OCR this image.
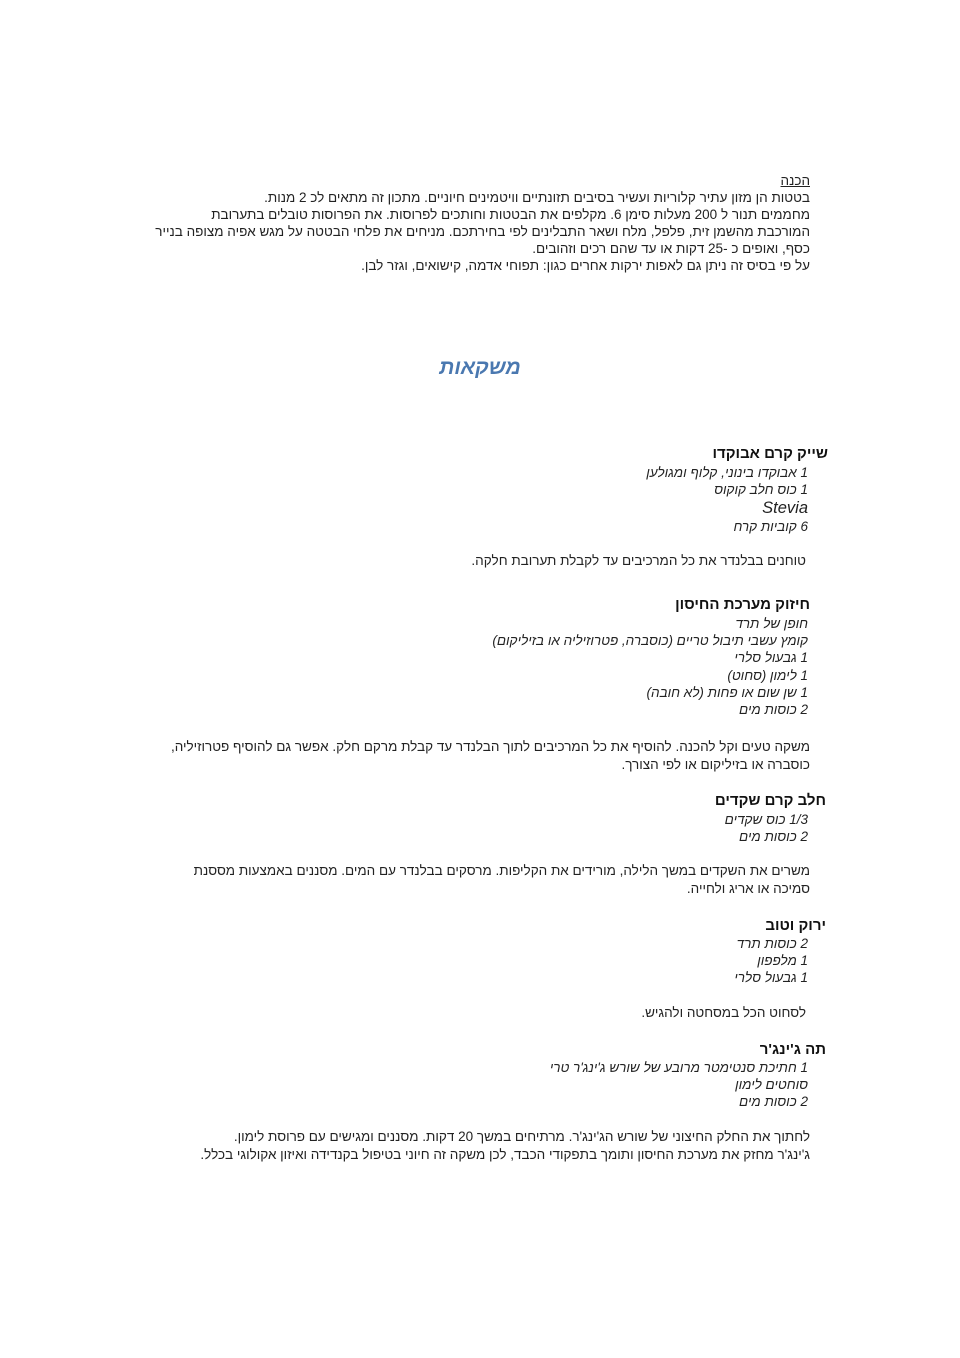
הכנה
בטטות הן מזון עתיר קלוריות ועשיר בסיבים תזונתיים וויטמינים חיוניים. מתכון זה מתאים לכ 2 מנות.
מחממים תנור ל 200 מעלות סימן 6. מקלפים את הבטטות וחותכים לפרוסות. את הפרוסות טובלים בתערובת
המורכבת מהשמן זית, פלפל, מלח ושאר התבלינים לפי בחירתכם. מניחים את פלחי הבטטה על מגש אפיה מצופה בנייר
כסף, ואופים כ -25 דקות או עד שהם רכים וזהובים.
על פי בסיס זה ניתן גם לאפות ירקות אחרים כגון: תפוחי אדמה, קישואים, וגזר לבן.
משקאות
שייק קרם אבוקדו
1 אבוקדו בינוני, קלוף ומגולען
1 כוס חלב קוקוס
Stevia
6 קוביות קרח
טוחנים בבלנדר את כל המרכיבים עד לקבלת תערובת חלקה.
חיזוק מערכת החיסון
חופן של תרד
קומץ עשבי תיבול טריים (כוסברה, פטרוזיליה או בזיליקום)
1 גבעול סלרי
1 לימון (סחוט)
1 שן שום או פחות (לא חובה)
2 כוסות מים
משקה טעים וקל להכנה. להוסיף את כל המרכיבים לתוך הבלנדר עד קבלת מרקם חלק. אפשר גם להוסיף פטרוזיליה,
כוסברה או בזיליקום או לפי הצורך.
חלב קרם שקדים
1/3 כוס שקדים
2 כוסות מים
משרים את השקדים במשך הלילה, מורידים את הקליפות. מרסקים בבלנדר עם המים. מסננים באמצעות מססנת
סמיכה או אריג ולחייה.
ירוק וטוב
2 כוסות תרד
1 מלפפון
1 גבעול סלרי
לסחוט הכל במסחטה ולהגיש.
תה ג'ינג'ר
1 חתיכת סנטימטר מרובע של שורש ג'ינג'ר טרי
סוחטים לימון
2 כוסות מים
לחתוך את החלק החיצוני של שורש הג'ינג'ר. מרתיחים במשך 20 דקות. מסננים ומגישים עם פרוסת לימון.
ג'ינג'ר מחזק את מערכת החיסון ותומך בתפקודי הכבד, לכן משקה זה חיוני בטיפול בקנדידה ואיזון אקולוגי בכלל.
